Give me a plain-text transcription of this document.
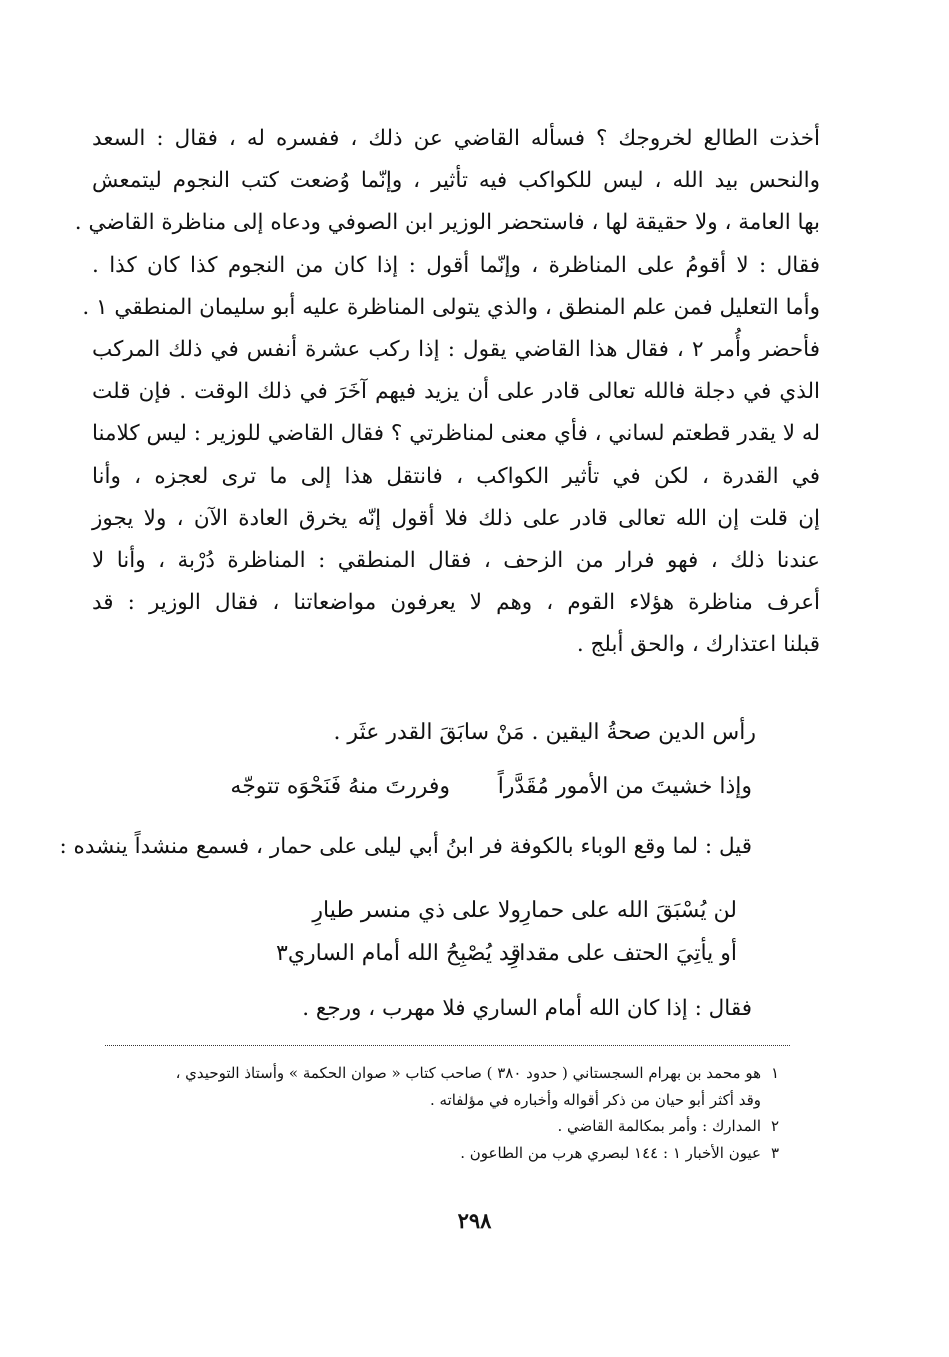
أخذت الطالع لخروجك ؟ فسأله القاضي عن ذلك ، ففسره له ، فقال : السعد
والنحس بيد الله ، ليس للكواكب فيه تأثير ، وإنّما وُضعت كتب النجوم ليتمعش
بها العامة ، ولا حقيقة لها ، فاستحضر الوزير ابن الصوفي ودعاه إلى مناظرة القاضي .
فقال : لا أقومُ على المناظرة ، وإنّما أقول : إذا كان من النجوم كذا كان كذا .
وأما التعليل فمن علم المنطق ، والذي يتولى المناظرة عليه أبو سليمان المنطقي ١ .
فأحضر وأُمر ٢ ، فقال هذا القاضي يقول : إذا ركب عشرة أنفس في ذلك المركب
الذي في دجلة فالله تعالى قادر على أن يزيد فيهم آخَرَ في ذلك الوقت . فإن قلت
له لا يقدر قطعتم لساني ، فأي معنى لمناظرتي ؟ فقال القاضي للوزير : ليس كلامنا
في القدرة ، لكن في تأثير الكواكب ، فانتقل هذا إلى ما ترى لعجزه ، وأنا
إن قلت إن الله تعالى قادر على ذلك فلا أقول إنّه يخرق العادة الآن ، ولا يجوز
عندنا ذلك ، فهو فرار من الزحف ، فقال المنطقي : المناظرة دُرْبة ، وأنا لا
أعرف مناظرة هؤلاء القوم ، وهم لا يعرفون مواضعاتنا ، فقال الوزير : قد
قبلنا اعتذارك ، والحق أبلج .
رأس الدين صحةُ اليقين . مَنْ سابَقَ القدر عثَر .
وإذا خشيتَ من الأمور مُقَدَّراًوفررتَ منهُ فَنَحْوَه تتوجّه
قيل : لما وقع الوباء بالكوفة فر ابنُ أبي ليلى على حمار ، فسمع منشداً ينشده :
لن يُسْبَقَ الله على حمارِولا على ذي منسر طيارِ
أو يأتِيَ الحتف على مقدارِقد يُصْبِحُ الله أمام الساري٣
فقال : إذا كان الله أمام الساري فلا مهرب ، ورجع .
١هو محمد بن بهرام السجستاني ( حدود ٣٨٠ ) صاحب كتاب « صوان الحكمة » وأستاذ التوحيدي ،
وقد أكثر أبو حيان من ذكر أقواله وأخباره في مؤلفاته .
٢المدارك : وأمر بمكالمة القاضي .
٣عيون الأخبار ١ : ١٤٤ لبصري هرب من الطاعون .
٢٩٨
